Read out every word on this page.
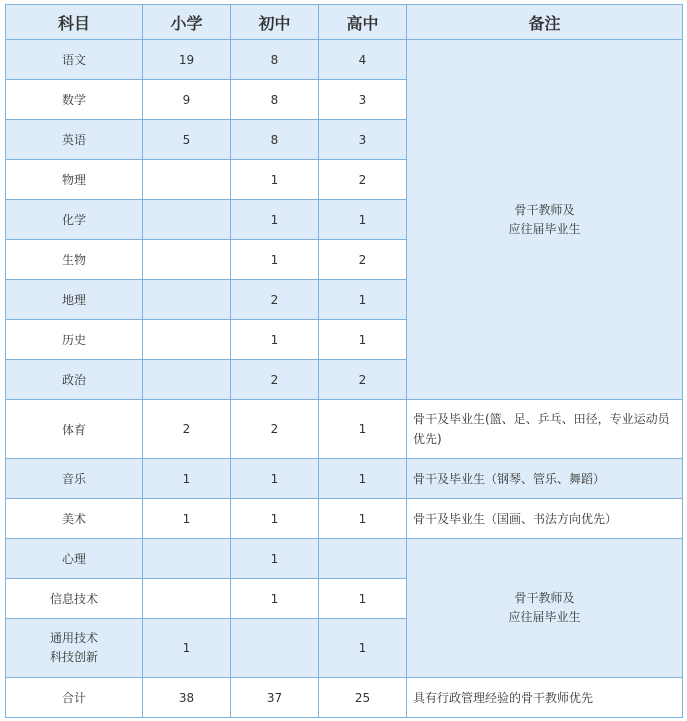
科目	小学	初中	高中	备注
语文	19	8	4	骨干教师及
应往届毕业生

数学	9	8	3	
英语	5	8	3	
物理		1	2	
化学		1	1	
生物		1	2	
地理		2	1	
历史		1	1	
政治		2	2	
体育	2	2	1	骨干及毕业生(篮、足、乒乓、田径，专业运动员优先)
音乐	1	1	1	骨干及毕业生（钢琴、管乐、舞蹈）
美术	1	1	1	骨干及毕业生（国画、书法方向优先）
心理		1		骨干教师及
应往届毕业生

信息技术		1	1	

通用技术
科技创新	1		1	
合计	38	37	25	具有行政管理经验的骨干教师优先
